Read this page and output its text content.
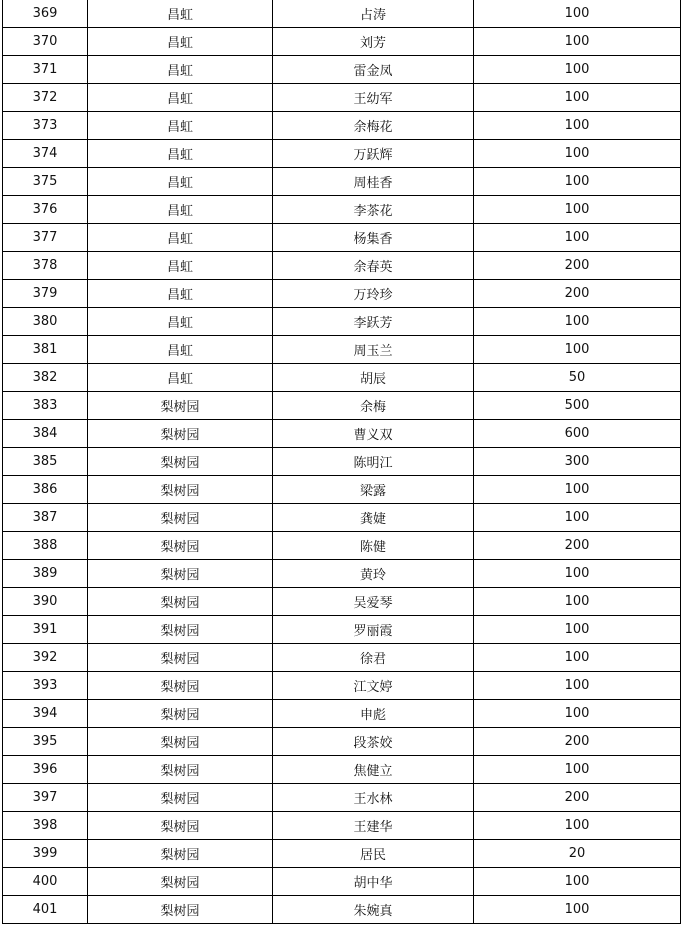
369	昌虹	占涛	100
370	昌虹	刘芳	100
371	昌虹	雷金凤	100
372	昌虹	王幼军	100
373	昌虹	余梅花	100
374	昌虹	万跃辉	100
375	昌虹	周桂香	100
376	昌虹	李茶花	100
377	昌虹	杨集香	100
378	昌虹	余春英	200
379	昌虹	万玲珍	200
380	昌虹	李跃芳	100
381	昌虹	周玉兰	100
382	昌虹	胡辰	50
383	梨树园	余梅	500
384	梨树园	曹义双	600
385	梨树园	陈明江	300
386	梨树园	梁露	100
387	梨树园	龚婕	100
388	梨树园	陈健	200
389	梨树园	黄玲	100
390	梨树园	吴爱琴	100
391	梨树园	罗丽霞	100
392	梨树园	徐君	100
393	梨树园	江文婷	100
394	梨树园	申彪	100
395	梨树园	段茶姣	200
396	梨树园	焦健立	100
397	梨树园	王水林	200
398	梨树园	王建华	100
399	梨树园	居民	20
400	梨树园	胡中华	100
401	梨树园	朱婉真	100
